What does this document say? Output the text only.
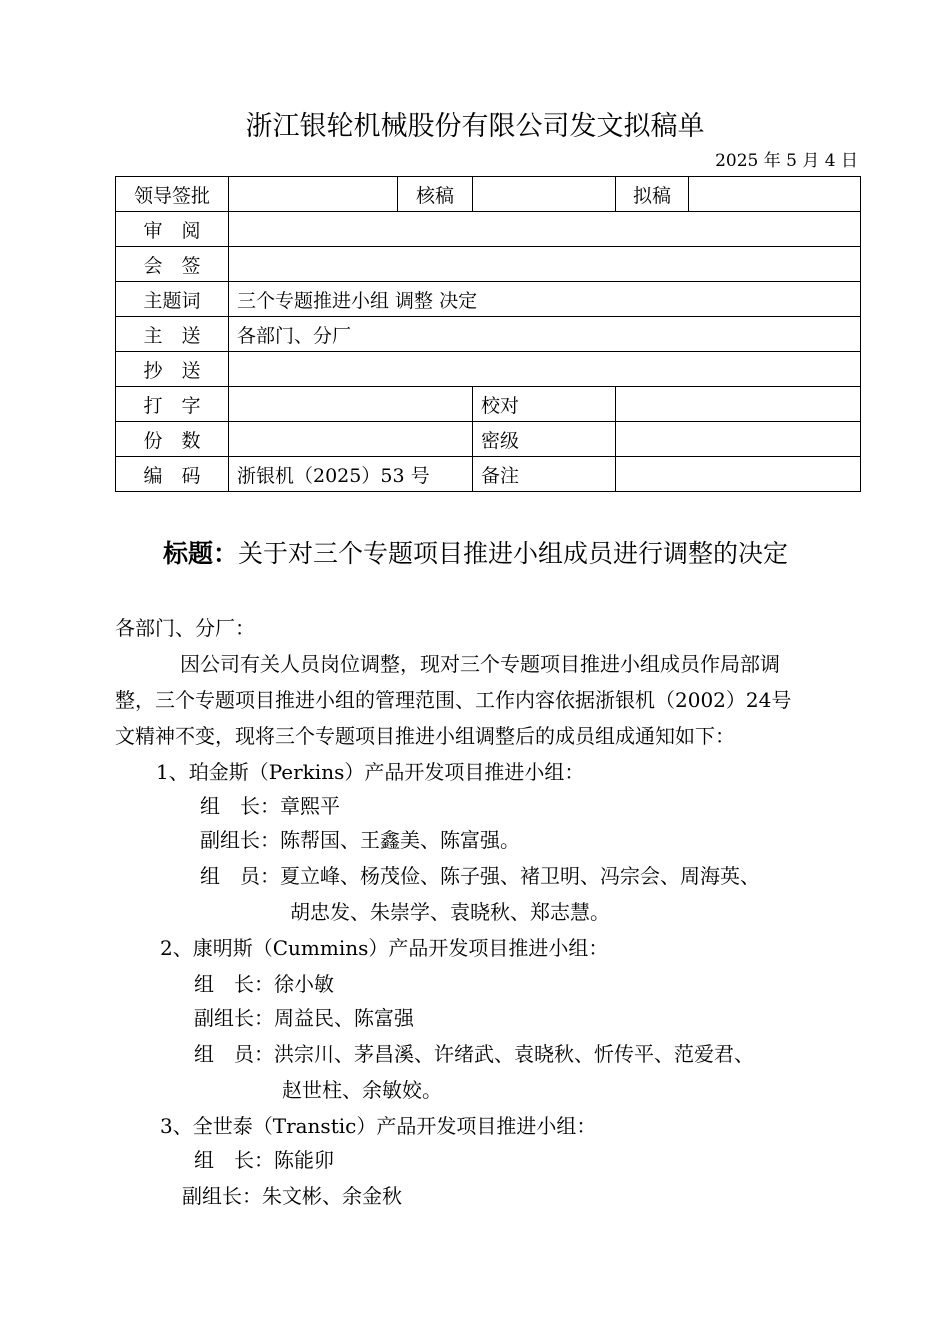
浙江银轮机械股份有限公司发文拟稿单
2025 年 5 月 4 日
领导签批		核稿		拟稿	
审　阅					
会　签					
主题词	三个专题推进小组 调整 决定				
主　送	各部门、分厂				
抄　送					
打　字			校对		
份　数			密级		
编　码	浙银机（2025）53 号		备注		
标题：关于对三个专题项目推进小组成员进行调整的决定
各部门、分厂：
因公司有关人员岗位调整，现对三个专题项目推进小组成员作局部调
整，三个专题项目推进小组的管理范围、工作内容依据浙银机（2002）24号
文精神不变，现将三个专题项目推进小组调整后的成员组成通知如下：
1、珀金斯（Perkins）产品开发项目推进小组：
组　长：章熙平
副组长：陈帮国、王鑫美、陈富强。
组　员：夏立峰、杨茂俭、陈子强、褚卫明、冯宗会、周海英、
胡忠发、朱崇学、袁晓秋、郑志慧。
2、康明斯（Cummins）产品开发项目推进小组：
组　长：徐小敏
副组长：周益民、陈富强
组　员：洪宗川、茅昌溪、许绪武、袁晓秋、忻传平、范爱君、
赵世柱、余敏姣。
3、全世泰（Transtic）产品开发项目推进小组：
组　长：陈能卯
副组长：朱文彬、余金秋
